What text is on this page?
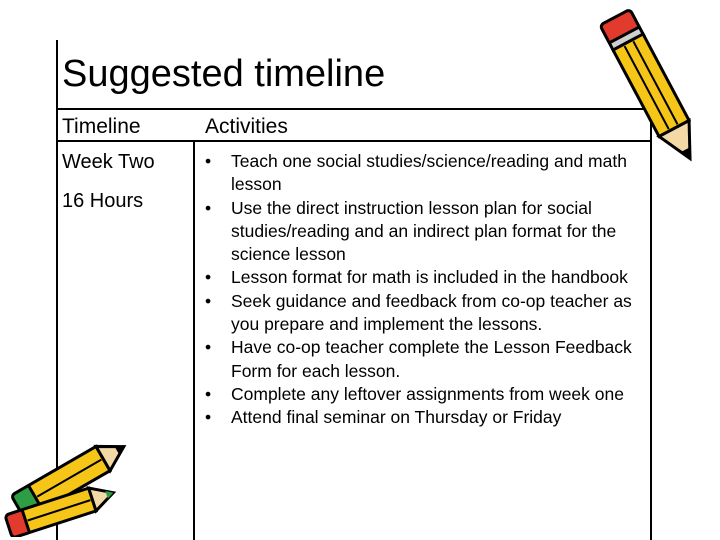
Suggested timeline
Timeline	Activities
Week Two
16 Hours
• Teach one social studies/science/reading and math lesson
• Use the direct instruction lesson plan for social studies/reading and an indirect plan format for the science lesson
• Lesson format for math is included in the handbook
• Seek guidance and feedback from co-op teacher as you prepare and implement the lessons.
• Have co-op teacher complete the Lesson Feedback Form for each lesson.
• Complete any leftover assignments from week one
• Attend final seminar on Thursday or Friday
